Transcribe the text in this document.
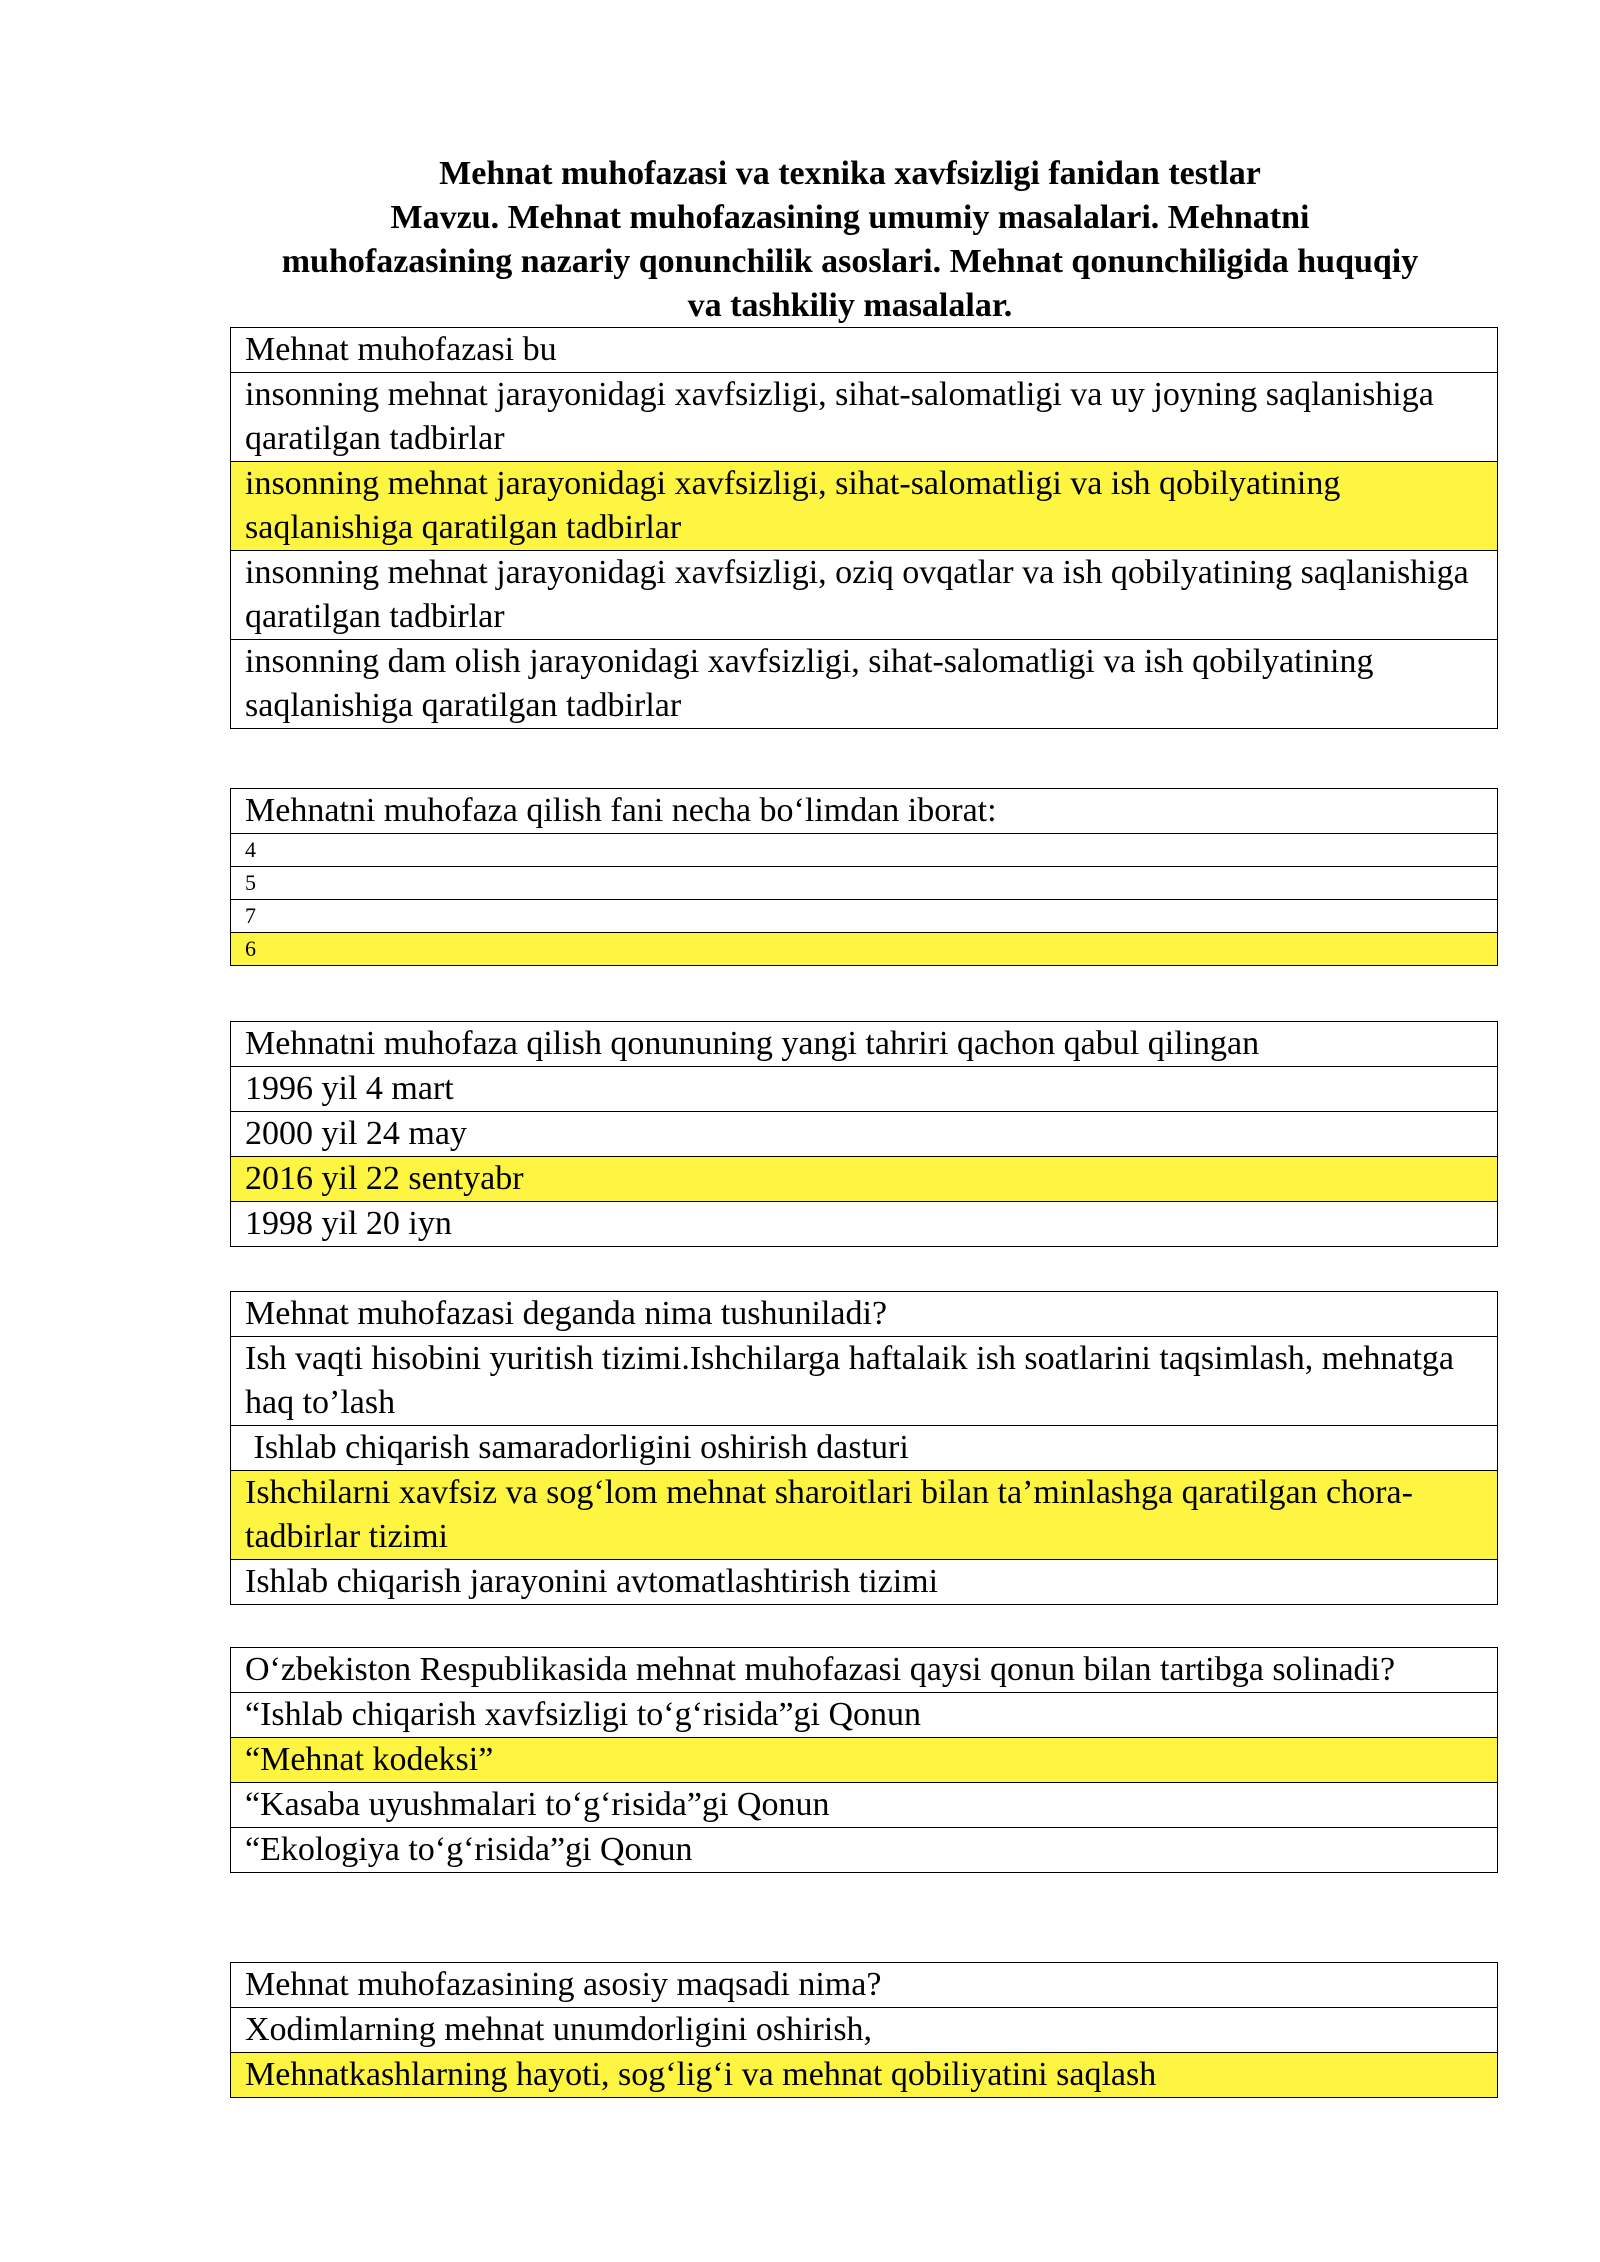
Mehnat muhofazasi va texnika xavfsizligi fanidan testlar
Mavzu. Mehnat muhofazasining umumiy masalalari. Mehnatni
muhofazasining nazariy qonunchilik asoslari. Mehnat qonunchiligida huquqiy
va tashkiliy masalalar.
Mehnat muhofazasi bu
insonning mehnat jarayonidagi xavfsizligi, sihat-salomatligi va uy joyning saqlanishiga qaratilgan tadbirlar
insonning mehnat jarayonidagi xavfsizligi, sihat-salomatligi va ish qobilyatining saqlanishiga qaratilgan tadbirlar
insonning mehnat jarayonidagi xavfsizligi, oziq ovqatlar va ish qobilyatining saqlanishiga qaratilgan tadbirlar
insonning dam olish jarayonidagi xavfsizligi, sihat-salomatligi va ish qobilyatining saqlanishiga qaratilgan tadbirlar
Mehnatni muhofaza qilish fani necha bo‘limdan iborat:
4
5
7
6
Mehnatni muhofaza qilish qonununing yangi tahriri qachon qabul qilingan
1996 yil 4 mart
2000 yil 24 may
2016 yil 22 sentyabr
1998 yil 20 iyn
Mehnat muhofazasi deganda nima tushuniladi?
Ish vaqti hisobini yuritish tizimi.Ishchilarga haftalaik ish soatlarini taqsimlash, mehnatga haq to’lash
Ishlab chiqarish samaradorligini oshirish dasturi
Ishchilarni xavfsiz va sog‘lom mehnat sharoitlari bilan ta’minlashga qaratilgan chora-tadbirlar tizimi
Ishlab chiqarish jarayonini avtomatlashtirish tizimi
O‘zbekiston Respublikasida mehnat muhofazasi qaysi qonun bilan tartibga solinadi?
“Ishlab chiqarish xavfsizligi to‘g‘risida”gi Qonun
“Mehnat kodeksi”
“Kasaba uyushmalari to‘g‘risida”gi Qonun
“Ekologiya to‘g‘risida”gi Qonun
Mehnat muhofazasining asosiy maqsadi nima?
Xodimlarning mehnat unumdorligini oshirish,
Mehnatkashlarning hayoti, sog‘lig‘i va mehnat qobiliyatini saqlash
